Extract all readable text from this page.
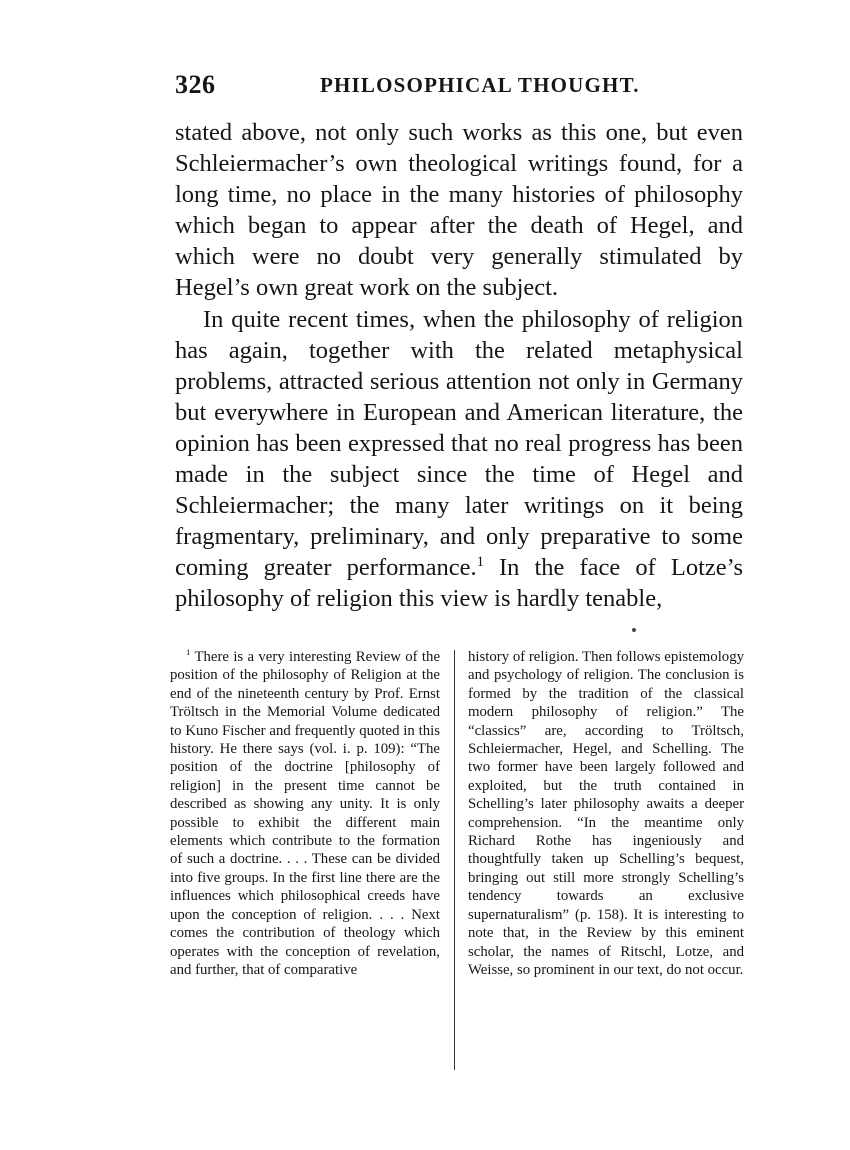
326	PHILOSOPHICAL THOUGHT.

stated above, not only such works as this one, but even Schleiermacher’s own theological writings found, for a long time, no place in the many histories of philosophy which began to appear after the death of Hegel, and which were no doubt very generally stimulated by Hegel’s own great work on the subject.

In quite recent times, when the philosophy of religion has again, together with the related metaphysical problems, attracted serious attention not only in Germany but everywhere in European and American literature, the opinion has been expressed that no real progress has been made in the subject since the time of Hegel and Schleiermacher; the many later writings on it being fragmentary, preliminary, and only preparative to some coming greater performance.$^1$ In the face of Lotze’s philosophy of religion this view is hardly tenable,

$^1$ There is a very interesting Review of the position of the philosophy of Religion at the end of the nineteenth century by Prof. Ernst Tröltsch in the Memorial Volume dedicated to Kuno Fischer and frequently quoted in this history. He there says (vol. i. p. 109): “The position of the doctrine [philosophy of religion] in the present time cannot be described as showing any unity. It is only possible to exhibit the different main elements which contribute to the formation of such a doctrine. . . . These can be divided into five groups. In the first line there are the influences which philosophical creeds have upon the conception of religion. . . . Next comes the contribution of theology which operates with the conception of revelation, and further, that of comparative

history of religion. Then follows epistemology and psychology of religion. The conclusion is formed by the tradition of the classical modern philosophy of religion.” The “classics” are, according to Tröltsch, Schleiermacher, Hegel, and Schelling. The two former have been largely followed and exploited, but the truth contained in Schelling’s later philosophy awaits a deeper comprehension. “In the meantime only Richard Rothe has ingeniously and thoughtfully taken up Schelling’s bequest, bringing out still more strongly Schelling’s tendency towards an exclusive supernaturalism” (p. 158). It is interesting to note that, in the Review by this eminent scholar, the names of Ritschl, Lotze, and Weisse, so prominent in our text, do not occur.
